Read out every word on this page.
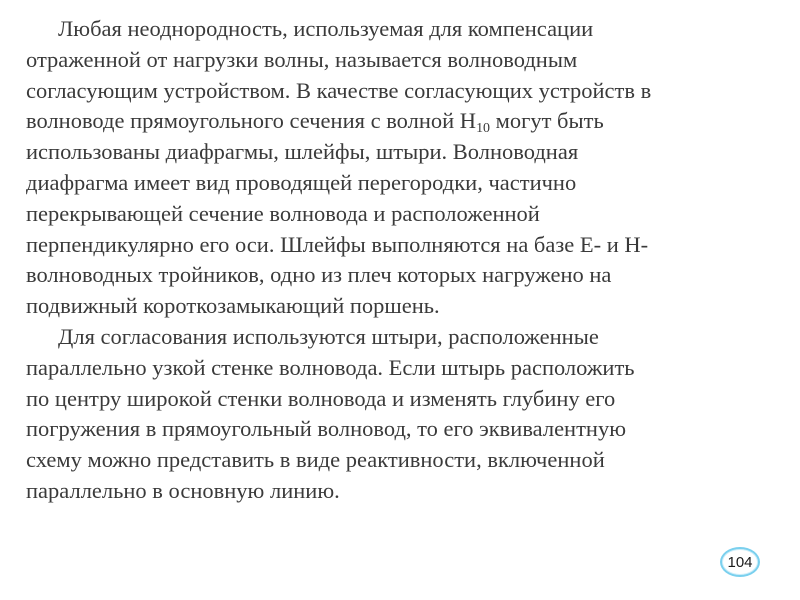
Любая неоднородность, используемая для компенсации
отраженной от нагрузки волны, называется волноводным
согласующим устройством. В качестве согласующих устройств в
волноводе прямоугольного сечения с волной $H_{10}$ могут быть
использованы диафрагмы, шлейфы, штыри. Волноводная
диафрагма имеет вид проводящей перегородки, частично
перекрывающей сечение волновода и расположенной
перпендикулярно его оси. Шлейфы выполняются на базе E- и H-
волноводных тройников, одно из плеч которых нагружено на
подвижный короткозамыкающий поршень.
Для согласования используются штыри, расположенные
параллельно узкой стенке волновода. Если штырь расположить
по центру широкой стенки волновода и изменять глубину его
погружения в прямоугольный волновод, то его эквивалентную
схему можно представить в виде реактивности, включенной
параллельно в основную линию.
104
